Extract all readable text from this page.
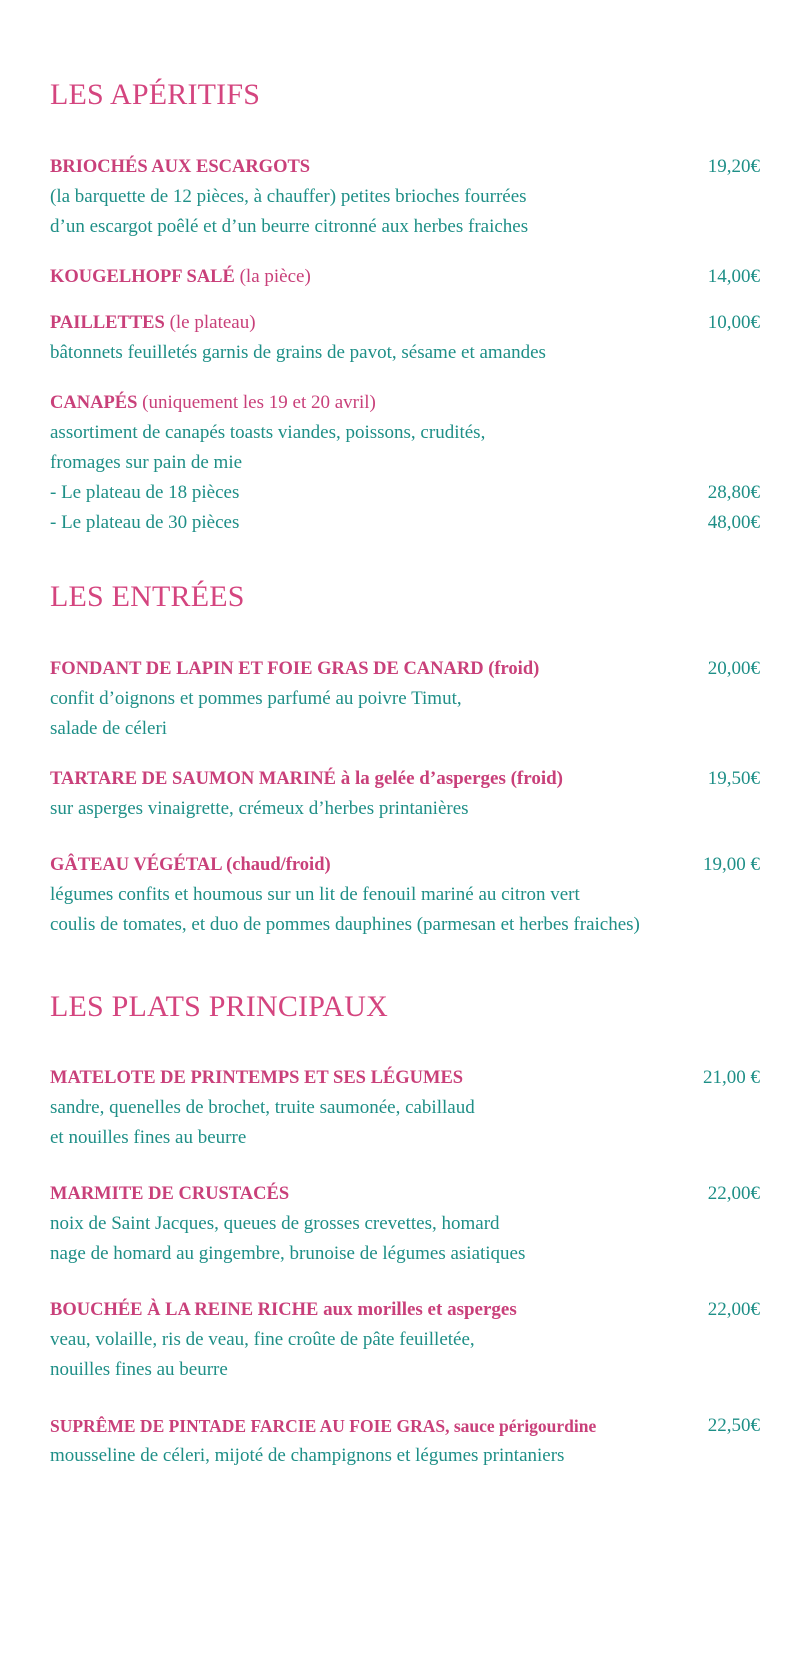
LES APÉRITIFS
BRIOCHÉS AUX ESCARGOTS	19,20€
(la barquette de 12 pièces, à chauffer) petites brioches fourrées
d’un escargot poêlé et d’un beurre citronné aux herbes fraiches
KOUGELHOPF SALÉ (la pièce)	14,00€
PAILLETTES (le plateau)	10,00€
bâtonnets feuilletés garnis de grains de pavot, sésame et amandes
CANAPÉS (uniquement les 19 et 20 avril)
assortiment de canapés toasts viandes, poissons, crudités,
fromages sur pain de mie
- Le plateau de 18 pièces	28,80€
- Le plateau de 30 pièces	48,00€
LES ENTRÉES
FONDANT DE LAPIN ET FOIE GRAS DE CANARD (froid)	20,00€
confit d’oignons et pommes parfumé au poivre Timut,
salade de céleri
TARTARE DE SAUMON MARINÉ à la gelée d’asperges (froid)	19,50€
sur asperges vinaigrette, crémeux d’herbes printanières
GÂTEAU VÉGÉTAL (chaud/froid)	19,00 €
légumes confits et houmous sur un lit de fenouil mariné au citron vert
coulis de tomates, et duo de pommes dauphines (parmesan et herbes fraiches)
LES PLATS PRINCIPAUX
MATELOTE DE PRINTEMPS ET SES LÉGUMES	21,00 €
sandre, quenelles de brochet, truite saumonée, cabillaud
et nouilles fines au beurre
MARMITE DE CRUSTACÉS	22,00€
noix de Saint Jacques, queues de grosses crevettes, homard
nage de homard au gingembre, brunoise de légumes asiatiques
BOUCHÉE À LA REINE RICHE aux morilles et asperges	22,00€
veau, volaille, ris de veau, fine croûte de pâte feuilletée,
nouilles fines au beurre
SUPRÊME DE PINTADE FARCIE AU FOIE GRAS, sauce périgourdine	22,50€
mousseline de céleri, mijoté de champignons et légumes printaniers
